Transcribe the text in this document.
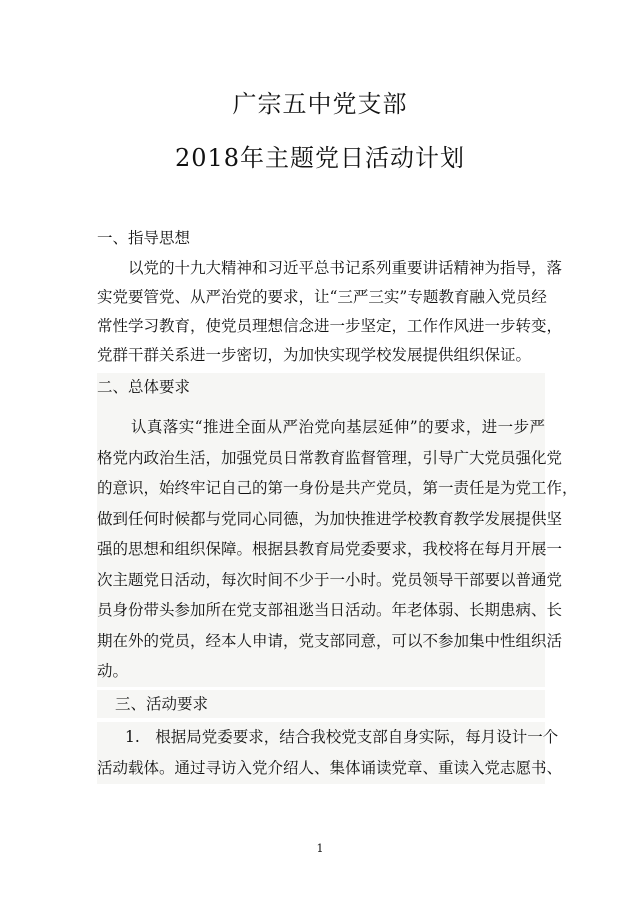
广宗五中党支部
2018年主题党日活动计划
一、指导思想
以党的十九大精神和习近平总书记系列重要讲话精神为指导，落
实党要管党、从严治党的要求，让“三严三实”专题教育融入党员经
常性学习教育，使党员理想信念进一步坚定，工作作风进一步转变，
党群干群关系进一步密切，为加快实现学校发展提供组织保证。
二、总体要求
认真落实“推进全面从严治党向基层延伸”的要求，进一步严
格党内政治生活，加强党员日常教育监督管理，引导广大党员强化党
的意识，始终牢记自己的第一身份是共产党员，第一责任是为党工作，
做到任何时候都与党同心同德，为加快推进学校教育教学发展提供坚
强的思想和组织保障。根据县教育局党委要求，我校将在每月开展一
次主题党日活动，每次时间不少于一小时。党员领导干部要以普通党
员身份带头参加所在党支部祖逖当日活动。年老体弱、长期患病、长
期在外的党员，经本人申请，党支部同意，可以不参加集中性组织活
动。
三、活动要求
1.　根据局党委要求，结合我校党支部自身实际，每月设计一个
活动载体。通过寻访入党介绍人、集体诵读党章、重读入党志愿书、
1
